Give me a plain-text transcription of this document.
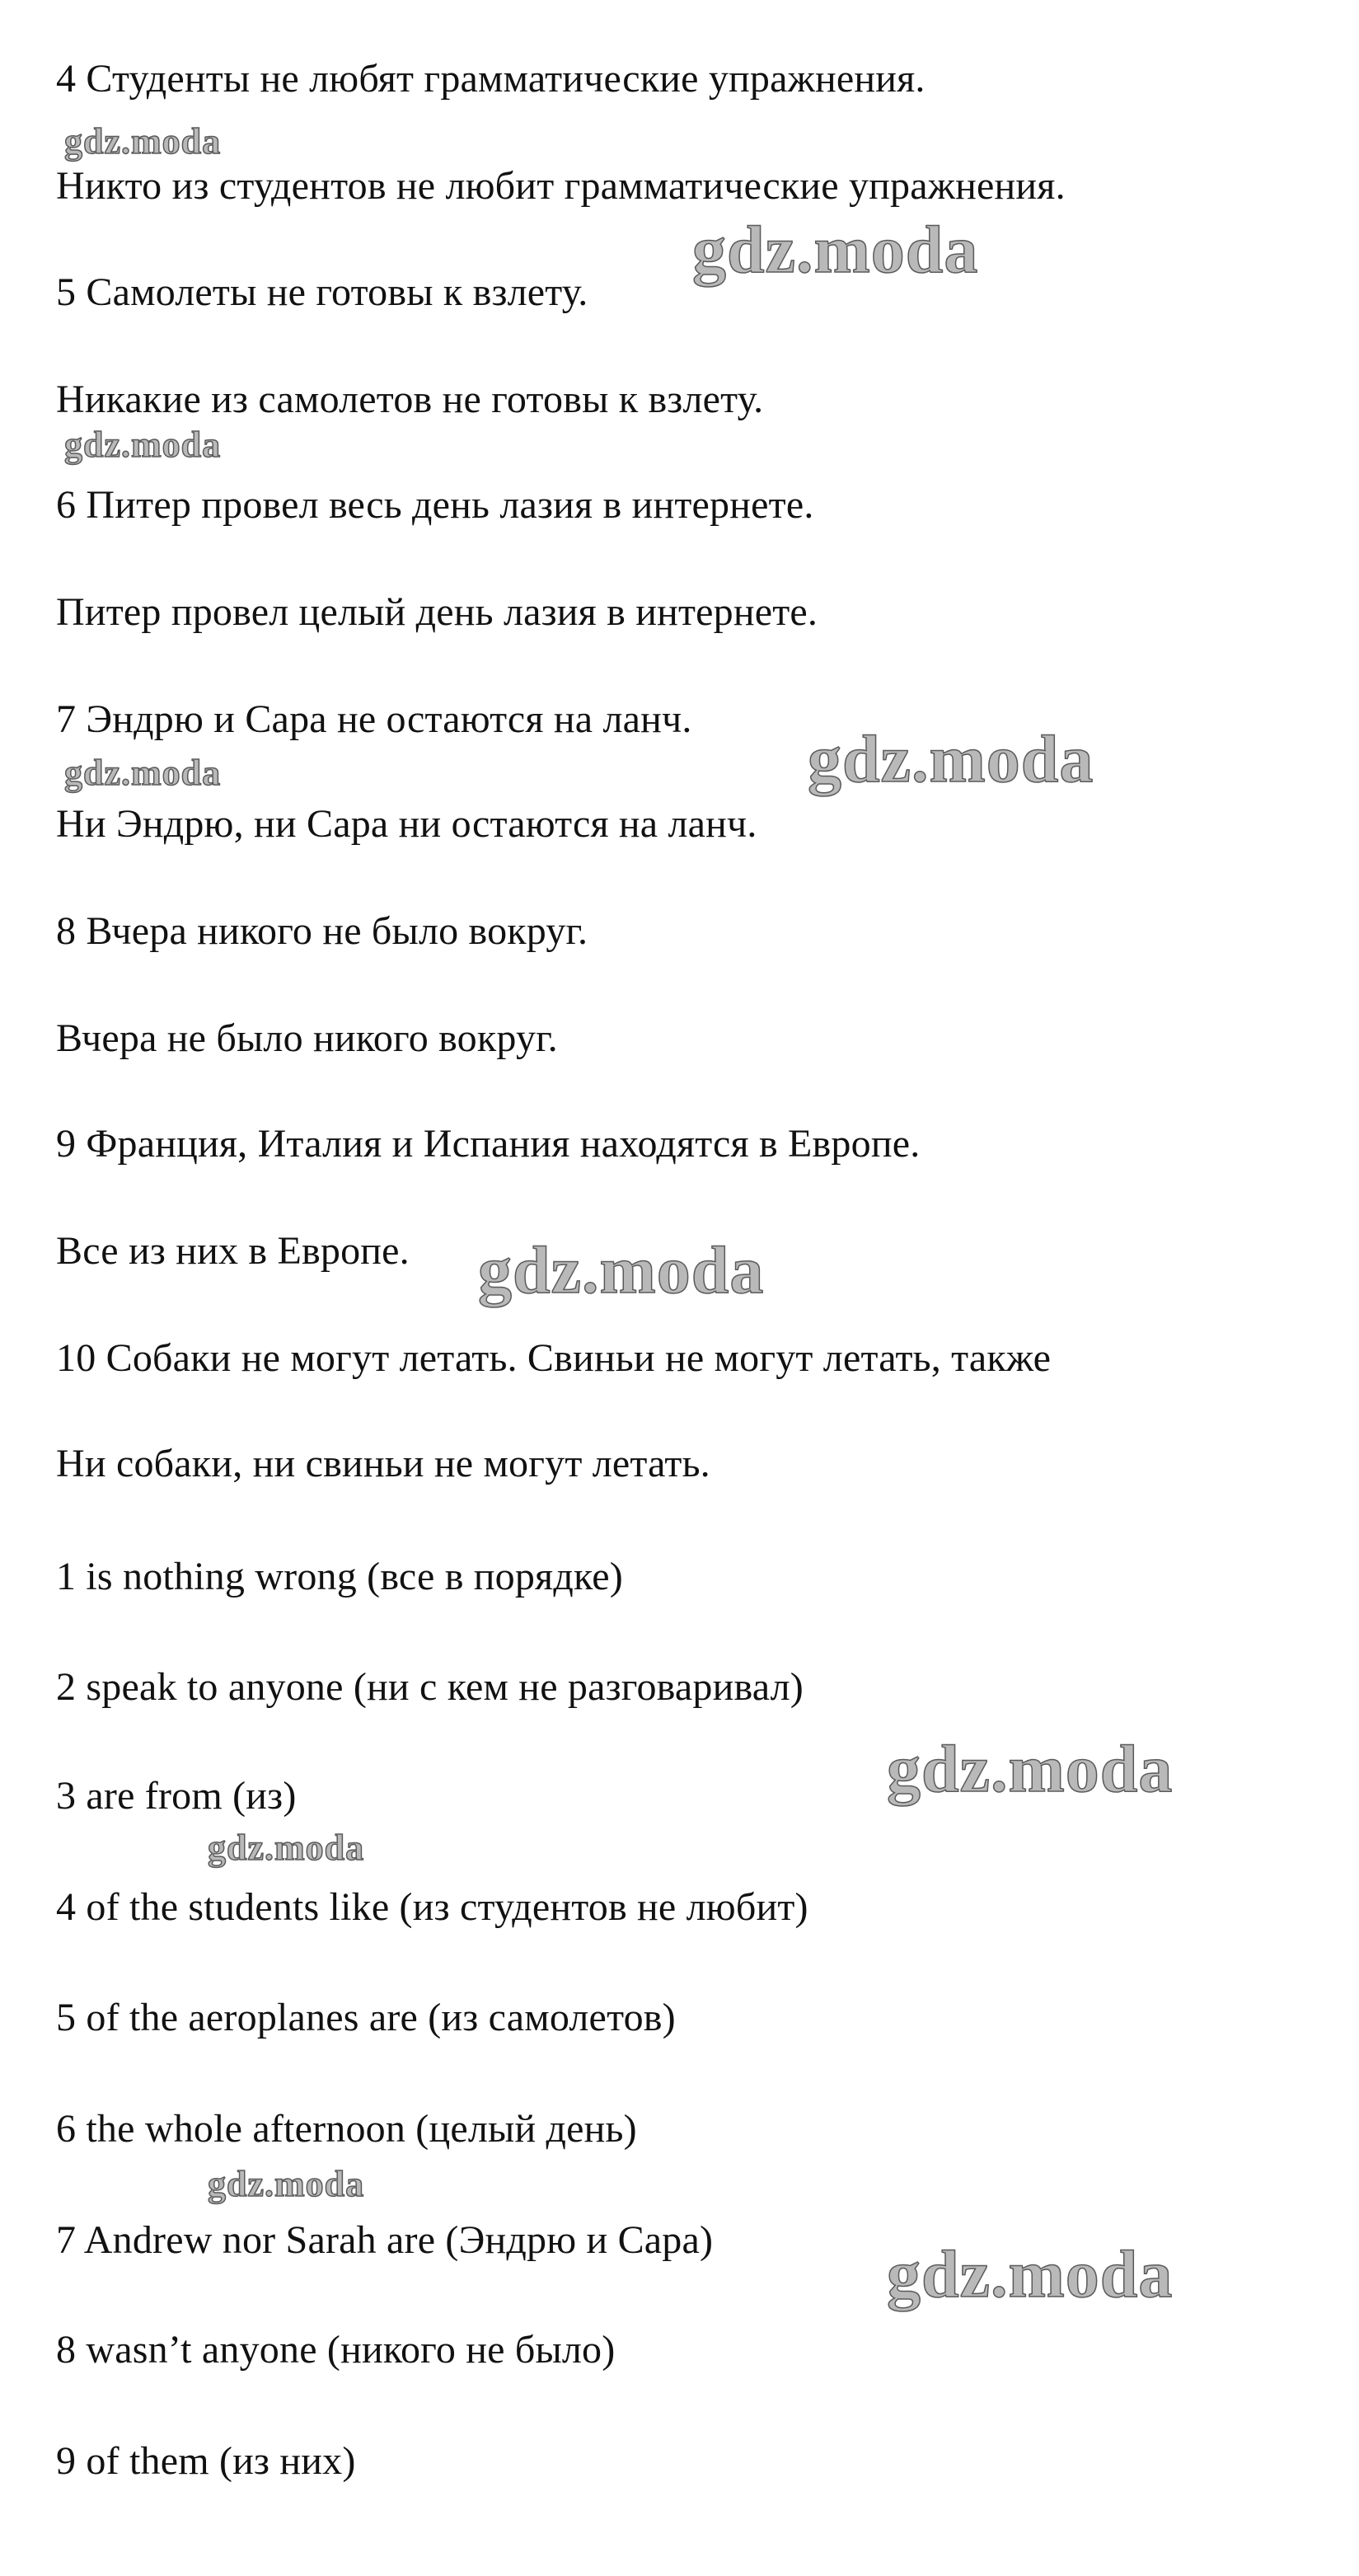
4 Студенты не любят грамматические упражнения.
Никто из студентов не любит грамматические упражнения.
5 Самолеты не готовы к взлету.
Никакие из самолетов не готовы к взлету.
6 Питер провел весь день лазия в интернете.
Питер провел целый день лазия в интернете.
7 Эндрю и Сара не остаются на ланч.
Ни Эндрю, ни Сара ни остаются на ланч.
8 Вчера никого не было вокруг.
Вчера не было никого вокруг.
9 Франция, Италия и Испания находятся в Европе.
Все из них в Европе.
10 Собаки не могут летать. Свиньи не могут летать, также
Ни собаки, ни свиньи не могут летать.
1 is nothing wrong (все в порядке)
2 speak to anyone (ни с кем не разговаривал)
3 are from (из)
4 of the students like (из студентов не любит)
5 of the aeroplanes are (из самолетов)
6 the whole afternoon (целый день)
7 Andrew nor Sarah are (Эндрю и Сара)
8 wasn’t anyone (никого не было)
9 of them (из них)
gdz.moda
gdz.moda
gdz.moda
gdz.moda	gdz.moda
gdz.moda
gdz.moda
gdz.moda
gdz.moda
gdz.moda
